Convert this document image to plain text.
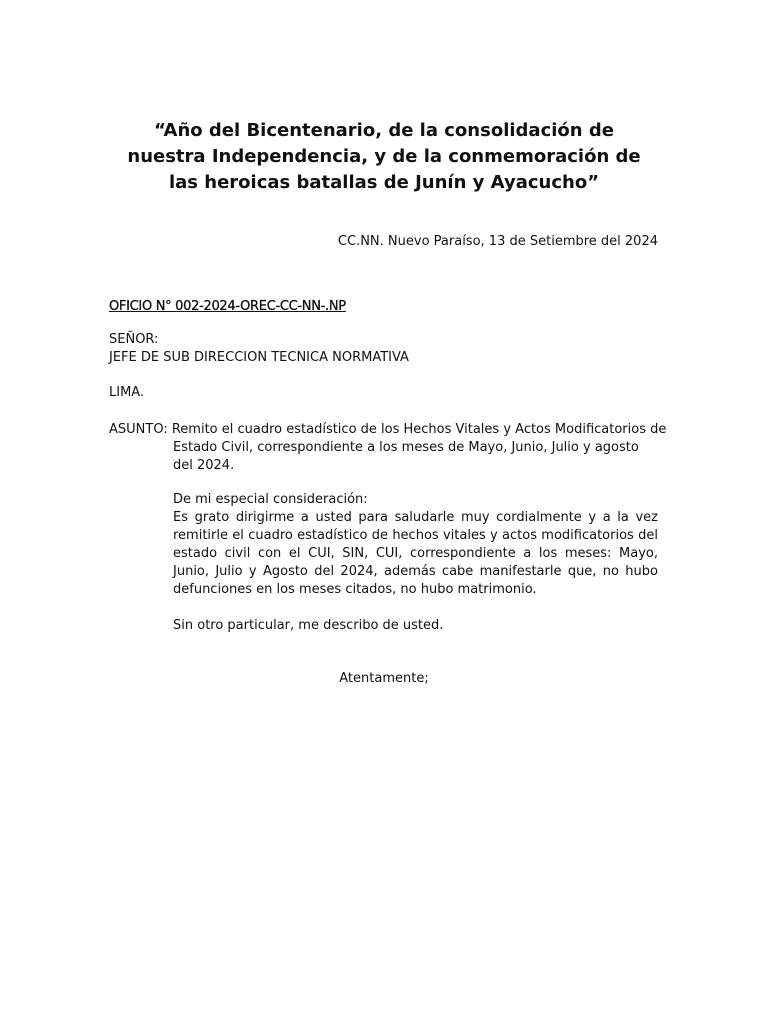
“Año del Bicentenario, de la consolidación de
nuestra Independencia, y de la conmemoración de
las heroicas batallas de Junín y Ayacucho”
CC.NN. Nuevo Paraíso, 13 de Setiembre del 2024
OFICIO N° 002-2024-OREC-CC-NN-.NP
SEÑOR:
JEFE DE SUB DIRECCION TECNICA NORMATIVA
LIMA.
ASUNTO: Remito el cuadro estadístico de los Hechos Vitales y Actos Modificatorios de
Estado Civil, correspondiente a los meses de Mayo, Junio, Julio y agosto del 2024.

De mi especial consideración:

Es grato dirigirme a usted para saludarle muy cordialmente y a la vez remitirle el cuadro estadístico de hechos vitales y actos modificatorios del estado civil con el CUI, SIN, CUI, correspondiente a los meses: Mayo, Junio, Julio y Agosto del 2024, además cabe manifestarle que, no hubo defunciones en los meses citados, no hubo matrimonio.

Sin otro particular, me describo de usted.

Atentamente;
